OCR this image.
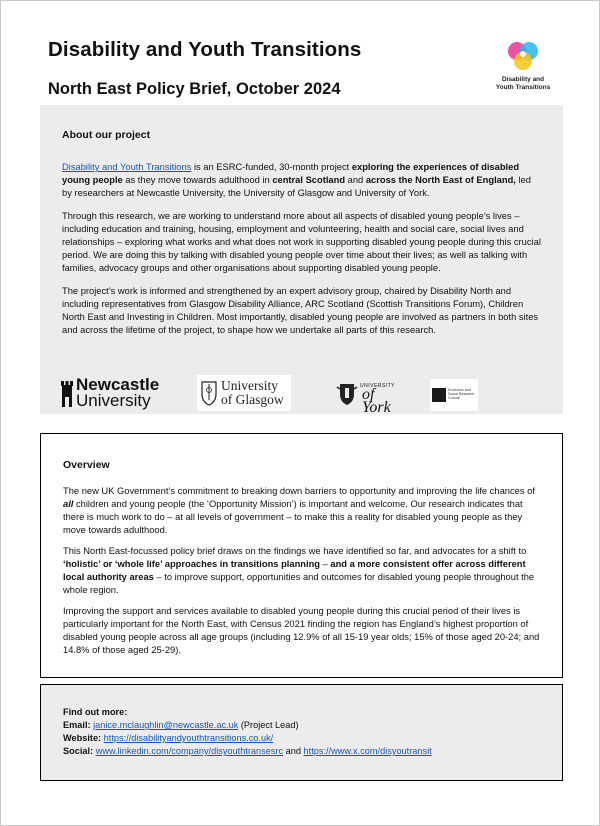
Disability and Youth Transitions
North East Policy Brief, October 2024
Disability and
Youth Transitions
About our project

Disability and Youth Transitions is an ESRC-funded, 30-month project exploring the experiences of disabled young people as they move towards adulthood in central Scotland and across the North East of England, led by researchers at Newcastle University, the University of Glasgow and University of York.

Through this research, we are working to understand more about all aspects of disabled young people’s lives – including education and training, housing, employment and volunteering, health and social care, social lives and relationships – exploring what works and what does not work in supporting disabled young people during this crucial period. We are doing this by talking with disabled young people over time about their lives; as well as talking with families, advocacy groups and other organisations about supporting disabled young people.

The project’s work is informed and strengthened by an expert advisory group, chaired by Disability North and including representatives from Glasgow Disability Alliance, ARC Scotland (Scottish Transitions Forum), Children North East and Investing in Children. Most importantly, disabled young people are involved as partners in both sites and across the lifetime of the project, to shape how we undertake all parts of this research.

Newcastle
University
University
of Glasgow
UNIVERSITY
of York
Economic and Social Research Council
Overview

The new UK Government’s commitment to breaking down barriers to opportunity and improving the life chances of all children and young people (the ‘Opportunity Mission’) is important and welcome. Our research indicates that there is much work to do – at all levels of government – to make this a reality for disabled young people as they move towards adulthood.

This North East-focussed policy brief draws on the findings we have identified so far, and advocates for a shift to ‘holistic’ or ‘whole life’ approaches in transitions planning – and a more consistent offer across different local authority areas – to improve support, opportunities and outcomes for disabled young people throughout the whole region.

Improving the support and services available to disabled young people during this crucial period of their lives is particularly important for the North East, with Census 2021 finding the region has England’s highest proportion of disabled young people across all age groups (including 12.9% of all 15-19 year olds; 15% of those aged 20-24; and 14.8% of those aged 25-29).

Find out more:
Email: janice.mclaughlin@newcastle.ac.uk (Project Lead)
Website: https://disabilityandyouthtransitions.co.uk/
Social: www.linkedin.com/company/disyouthtransesrc and https://www.x.com/disyoutransit
